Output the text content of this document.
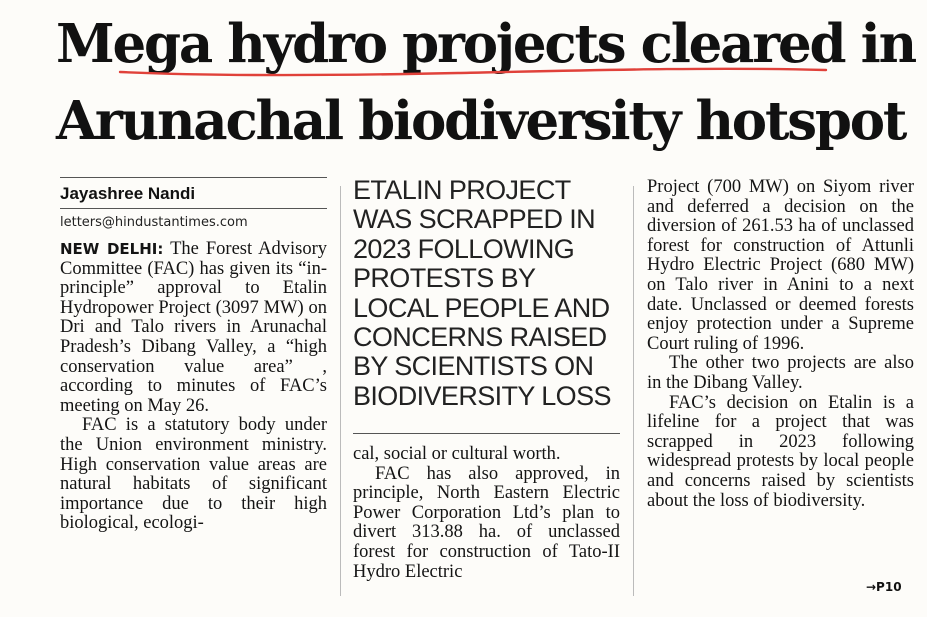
Mega hydro projects cleared in
Arunachal biodiversity hotspot
Jayashree Nandi
letters@hindustantimes.com

NEW DELHI: The Forest Advisory Committee (FAC) has given its “in-principle” approval to Etalin Hydropower Project (3097 MW) on Dri and Talo rivers in Arunachal Pradesh’s Dibang Valley, a “high conservation value area” , according to minutes of FAC’s meeting on May 26.

FAC is a statutory body under the Union environment ministry. High conservation value areas are natural habitats of significant importance due to their high biological, ecologi-

ETALIN PROJECT
WAS SCRAPPED IN
2023 FOLLOWING
PROTESTS BY
LOCAL PEOPLE AND
CONCERNS RAISED
BY SCIENTISTS ON
BIODIVERSITY LOSS

cal, social or cultural worth.

FAC has also approved, in principle, North Eastern Electric Power Corporation Ltd’s plan to divert 313.88 ha. of unclassed forest for construction of Tato-II Hydro Electric

Project (700 MW) on Siyom river and deferred a decision on the diversion of 261.53 ha of unclassed forest for construction of Attunli Hydro Electric Project (680 MW) on Talo river in Anini to a next date. Unclassed or deemed forests enjoy protection under a Supreme Court ruling of 1996.

The other two projects are also in the Dibang Valley.

FAC’s decision on Etalin is a lifeline for a project that was scrapped in 2023 following widespread protests by local people and concerns raised by scientists about the loss of biodiversity.

→P10
